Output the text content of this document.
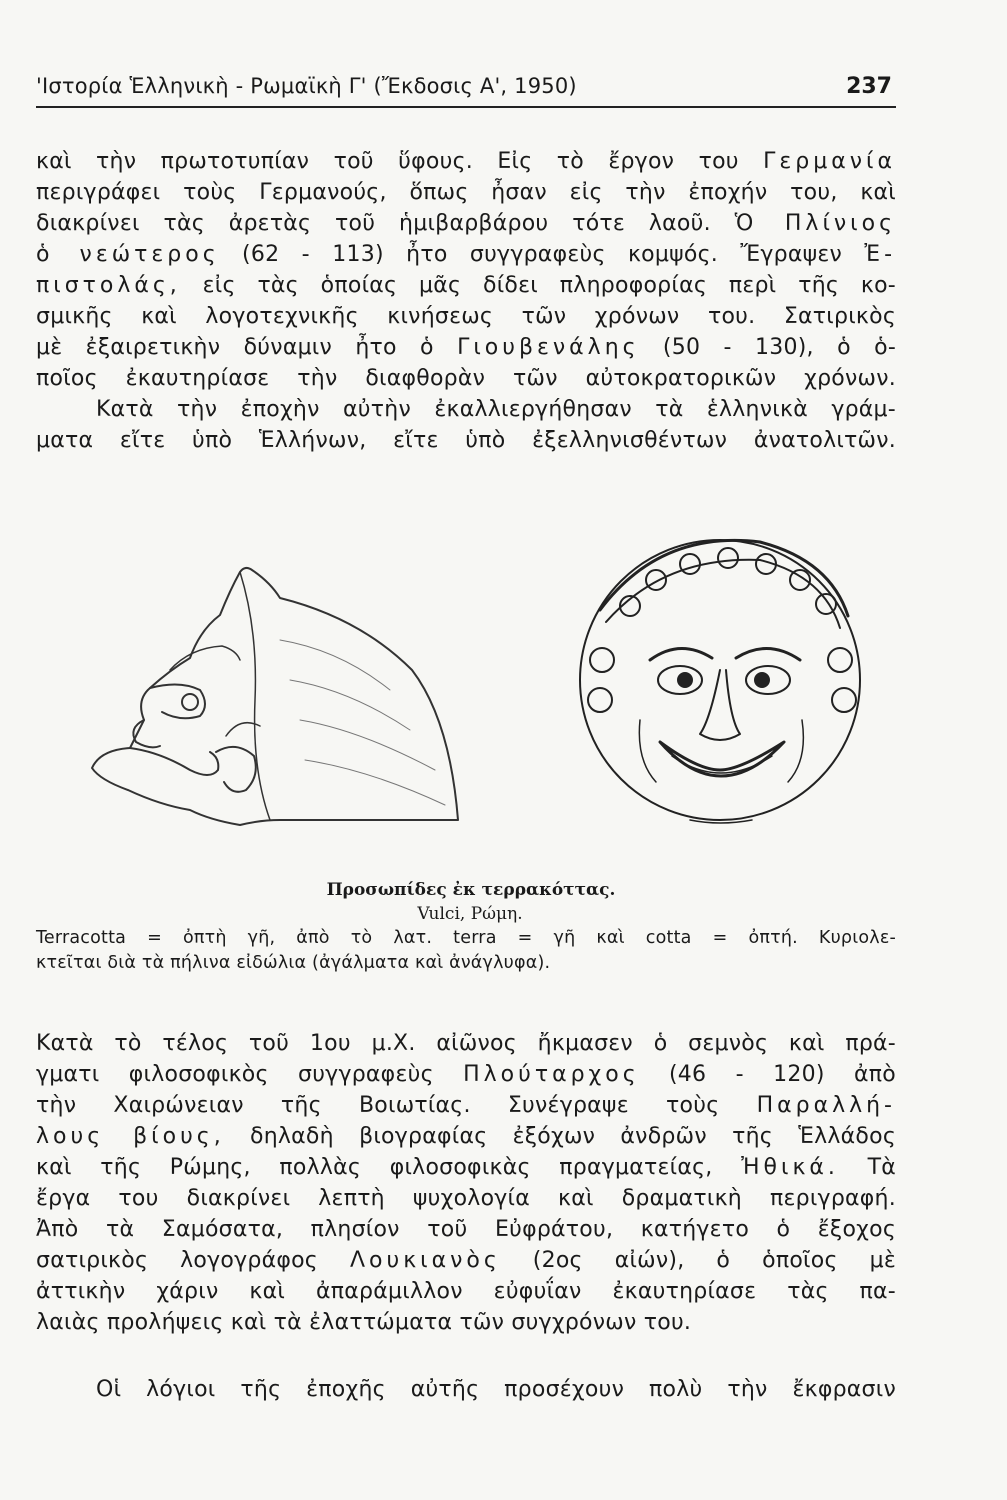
'Ιστορία Ἑλληνικὴ - Ρωμαϊκὴ Γ' (Ἔκδοσις Α', 1950)	237
καὶ τὴν πρωτοτυπίαν τοῦ ὕφους. Εἰς τὸ ἔργον του Γερμανία
περιγράφει τοὺς Γερμανούς, ὅπως ἦσαν εἰς τὴν ἐποχήν του, καὶ
διακρίνει τὰς ἀρετὰς τοῦ ἡμιβαρβάρου τότε λαοῦ. Ὁ Πλίνιος
ὁ νεώτερος (62 - 113) ἦτο συγγραφεὺς κομψός. Ἔγραψεν Ἐ-
πιστολάς, εἰς τὰς ὁποίας μᾶς δίδει πληροφορίας περὶ τῆς κο-
σμικῆς καὶ λογοτεχνικῆς κινήσεως τῶν χρόνων του. Σατιρικὸς
μὲ ἐξαιρετικὴν δύναμιν ἦτο ὁ Γιουβενάλης (50 - 130), ὁ ὁ-
ποῖος ἐκαυτηρίασε τὴν διαφθορὰν τῶν αὐτοκρατορικῶν χρόνων.
Κατὰ τὴν ἐποχὴν αὐτὴν ἐκαλλιεργήθησαν τὰ ἑλληνικὰ γράμ-
ματα εἴτε ὑπὸ Ἑλλήνων, εἴτε ὑπὸ ἐξελληνισθέντων ἀνατολιτῶν.
Προσωπίδες ἐκ τερρακόττας.
Vulci, Ρώμη.
Terracotta = ὀπτὴ γῆ, ἀπὸ τὸ λατ. terra = γῆ καὶ cotta = ὀπτή. Κυριολε-
κτεῖται διὰ τὰ πήλινα εἰδώλια (ἀγάλματα καὶ ἀνάγλυφα).
Κατὰ τὸ τέλος τοῦ 1ου μ.Χ. αἰῶνος ἤκμασεν ὁ σεμνὸς καὶ πρά-
γματι φιλοσοφικὸς συγγραφεὺς Πλούταρχος (46 - 120) ἀπὸ
τὴν Χαιρώνειαν τῆς Βοιωτίας. Συνέγραψε τοὺς Παραλλή-
λους βίους, δηλαδὴ βιογραφίας ἐξόχων ἀνδρῶν τῆς Ἑλλάδος
καὶ τῆς Ρώμης, πολλὰς φιλοσοφικὰς πραγματείας, Ἠθικά. Τὰ
ἔργα του διακρίνει λεπτὴ ψυχολογία καὶ δραματικὴ περιγραφή.
Ἀπὸ τὰ Σαμόσατα, πλησίον τοῦ Εὐφράτου, κατήγετο ὁ ἔξοχος
σατιρικὸς λογογράφος Λουκιανὸς (2ος αἰών), ὁ ὁποῖος μὲ
ἀττικὴν χάριν καὶ ἀπαράμιλλον εὐφυΐαν ἐκαυτηρίασε τὰς πα-
λαιὰς προλήψεις καὶ τὰ ἐλαττώματα τῶν συγχρόνων του.
Οἱ λόγιοι τῆς ἐποχῆς αὐτῆς προσέχουν πολὺ τὴν ἔκφρασιν
